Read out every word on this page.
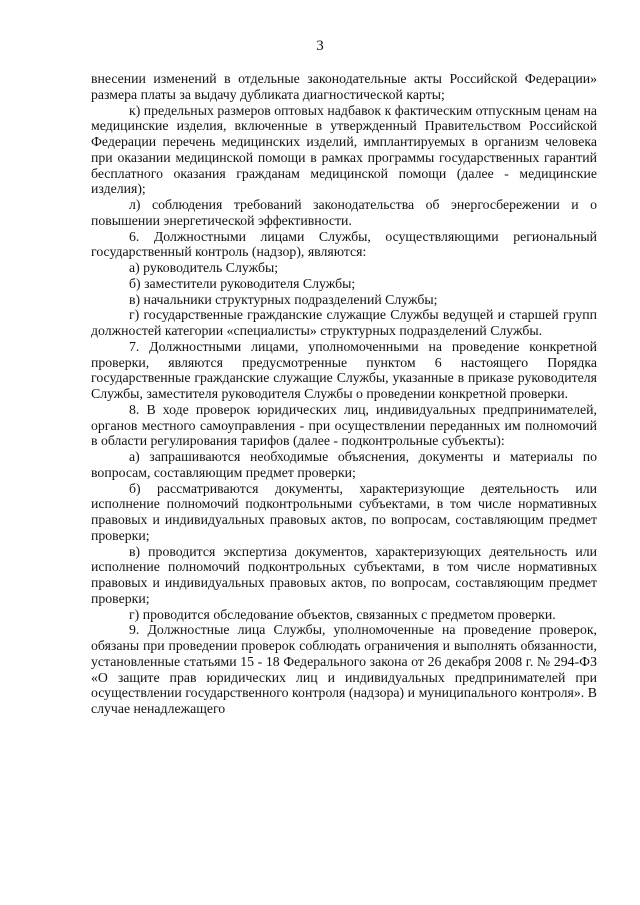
3

внесении изменений в отдельные законодательные акты Российской Федерации» размера платы за выдачу дубликата диагностической карты;

к) предельных размеров оптовых надбавок к фактическим отпускным ценам на медицинские изделия, включенные в утвержденный Правительством Российской Федерации перечень медицинских изделий, имплантируемых в организм человека при оказании медицинской помощи в рамках программы государственных гарантий бесплатного оказания гражданам медицинской помощи (далее - медицинские изделия);

л) соблюдения требований законодательства об энергосбережении и о повышении энергетической эффективности.

6. Должностными лицами Службы, осуществляющими региональный государственный контроль (надзор), являются:

а) руководитель Службы;

б) заместители руководителя Службы;

в) начальники структурных подразделений Службы;

г) государственные гражданские служащие Службы ведущей и старшей групп должностей категории «специалисты» структурных подразделений Службы.

7. Должностными лицами, уполномоченными на проведение конкретной проверки, являются предусмотренные пунктом 6 настоящего Порядка государственные гражданские служащие Службы, указанные в приказе руководителя Службы, заместителя руководителя Службы о проведении конкретной проверки.

8. В ходе проверок юридических лиц, индивидуальных предпринимателей, органов местного самоуправления - при осуществлении переданных им полномочий в области регулирования тарифов (далее - подконтрольные субъекты):

а) запрашиваются необходимые объяснения, документы и материалы по вопросам, составляющим предмет проверки;

б) рассматриваются документы, характеризующие деятельность или исполнение полномочий подконтрольными субъектами, в том числе нормативных правовых и индивидуальных правовых актов, по вопросам, составляющим предмет проверки;

в) проводится экспертиза документов, характеризующих деятельность или исполнение полномочий подконтрольных субъектами, в том числе нормативных правовых и индивидуальных правовых актов, по вопросам, составляющим предмет проверки;

г) проводится обследование объектов, связанных с предметом проверки.

9. Должностные лица Службы, уполномоченные на проведение проверок, обязаны при проведении проверок соблюдать ограничения и выполнять обязанности, установленные статьями 15 - 18 Федерального закона от 26 декабря 2008 г. № 294-ФЗ «О защите прав юридических лиц и индивидуальных предпринимателей при осуществлении государственного контроля (надзора) и муниципального контроля». В случае ненадлежащего
